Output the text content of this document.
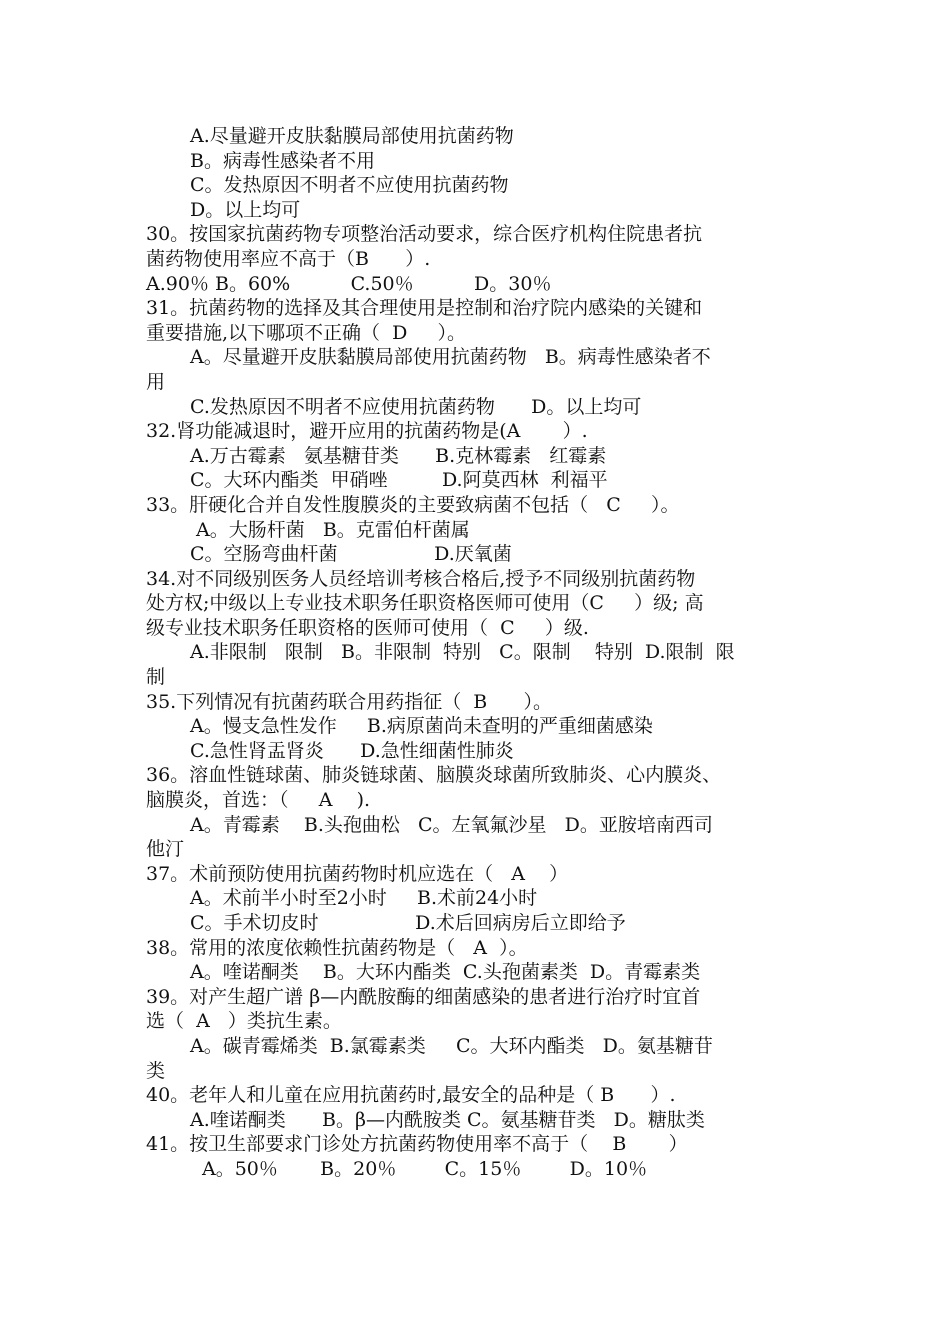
A.尽量避开皮肤黏膜局部使用抗菌药物
B。病毒性感染者不用
C。发热原因不明者不应使用抗菌药物
D。以上均可
30。按国家抗菌药物专项整治活动要求，综合医疗机构住院患者抗
菌药物使用率应不高于（B      ）.
A.90％ B。60%          C.50％          D。30％
31。抗菌药物的选择及其合理使用是控制和治疗院内感染的关键和
重要措施,以下哪项不正确（  D     ）。
A。尽量避开皮肤黏膜局部使用抗菌药物   B。病毒性感染者不
用
C.发热原因不明者不应使用抗菌药物      D。以上均可
32.肾功能减退时，避开应用的抗菌药物是(A       ）.
A.万古霉素   氨基糖苷类      B.克林霉素   红霉素
C。大环内酯类  甲硝唑         D.阿莫西林  利福平
33。肝硬化合并自发性腹膜炎的主要致病菌不包括（   C     ）。
A。大肠杆菌   B。克雷伯杆菌属
C。空肠弯曲杆菌                D.厌氧菌
34.对不同级别医务人员经培训考核合格后,授予不同级别抗菌药物
处方权;中级以上专业技术职务任职资格医师可使用（C     ）级; 高
级专业技术职务任职资格的医师可使用（  C     ）级.
A.非限制   限制   B。非限制  特别   C。限制    特别  D.限制  限
制
35.下列情况有抗菌药联合用药指征（  B      ）。
A。慢支急性发作     B.病原菌尚未查明的严重细菌感染
C.急性肾盂肾炎      D.急性细菌性肺炎
36。溶血性链球菌、肺炎链球菌、脑膜炎球菌所致肺炎、心内膜炎、
脑膜炎，首选：（     A    ).
A。青霉素    B.头孢曲松   C。左氧氟沙星   D。亚胺培南西司
他汀
37。术前预防使用抗菌药物时机应选在（   A    ）
A。术前半小时至2小时     B.术前24小时
C。手术切皮时                D.术后回病房后立即给予
38。常用的浓度依赖性抗菌药物是（   A  ）。
A。喹诺酮类    B。大环内酯类  C.头孢菌素类  D。青霉素类
39。对产生超广谱 β—内酰胺酶的细菌感染的患者进行治疗时宜首
选（  A   ）类抗生素。
A。碳青霉烯类  B.氯霉素类     C。大环内酯类   D。氨基糖苷
类
40。老年人和儿童在应用抗菌药时,最安全的品种是（ B      ）.
A.喹诺酮类      B。β—内酰胺类 C。氨基糖苷类   D。糖肽类
41。按卫生部要求门诊处方抗菌药物使用率不高于（    B       ）
A。50％       B。20％        C。15％        D。10％
